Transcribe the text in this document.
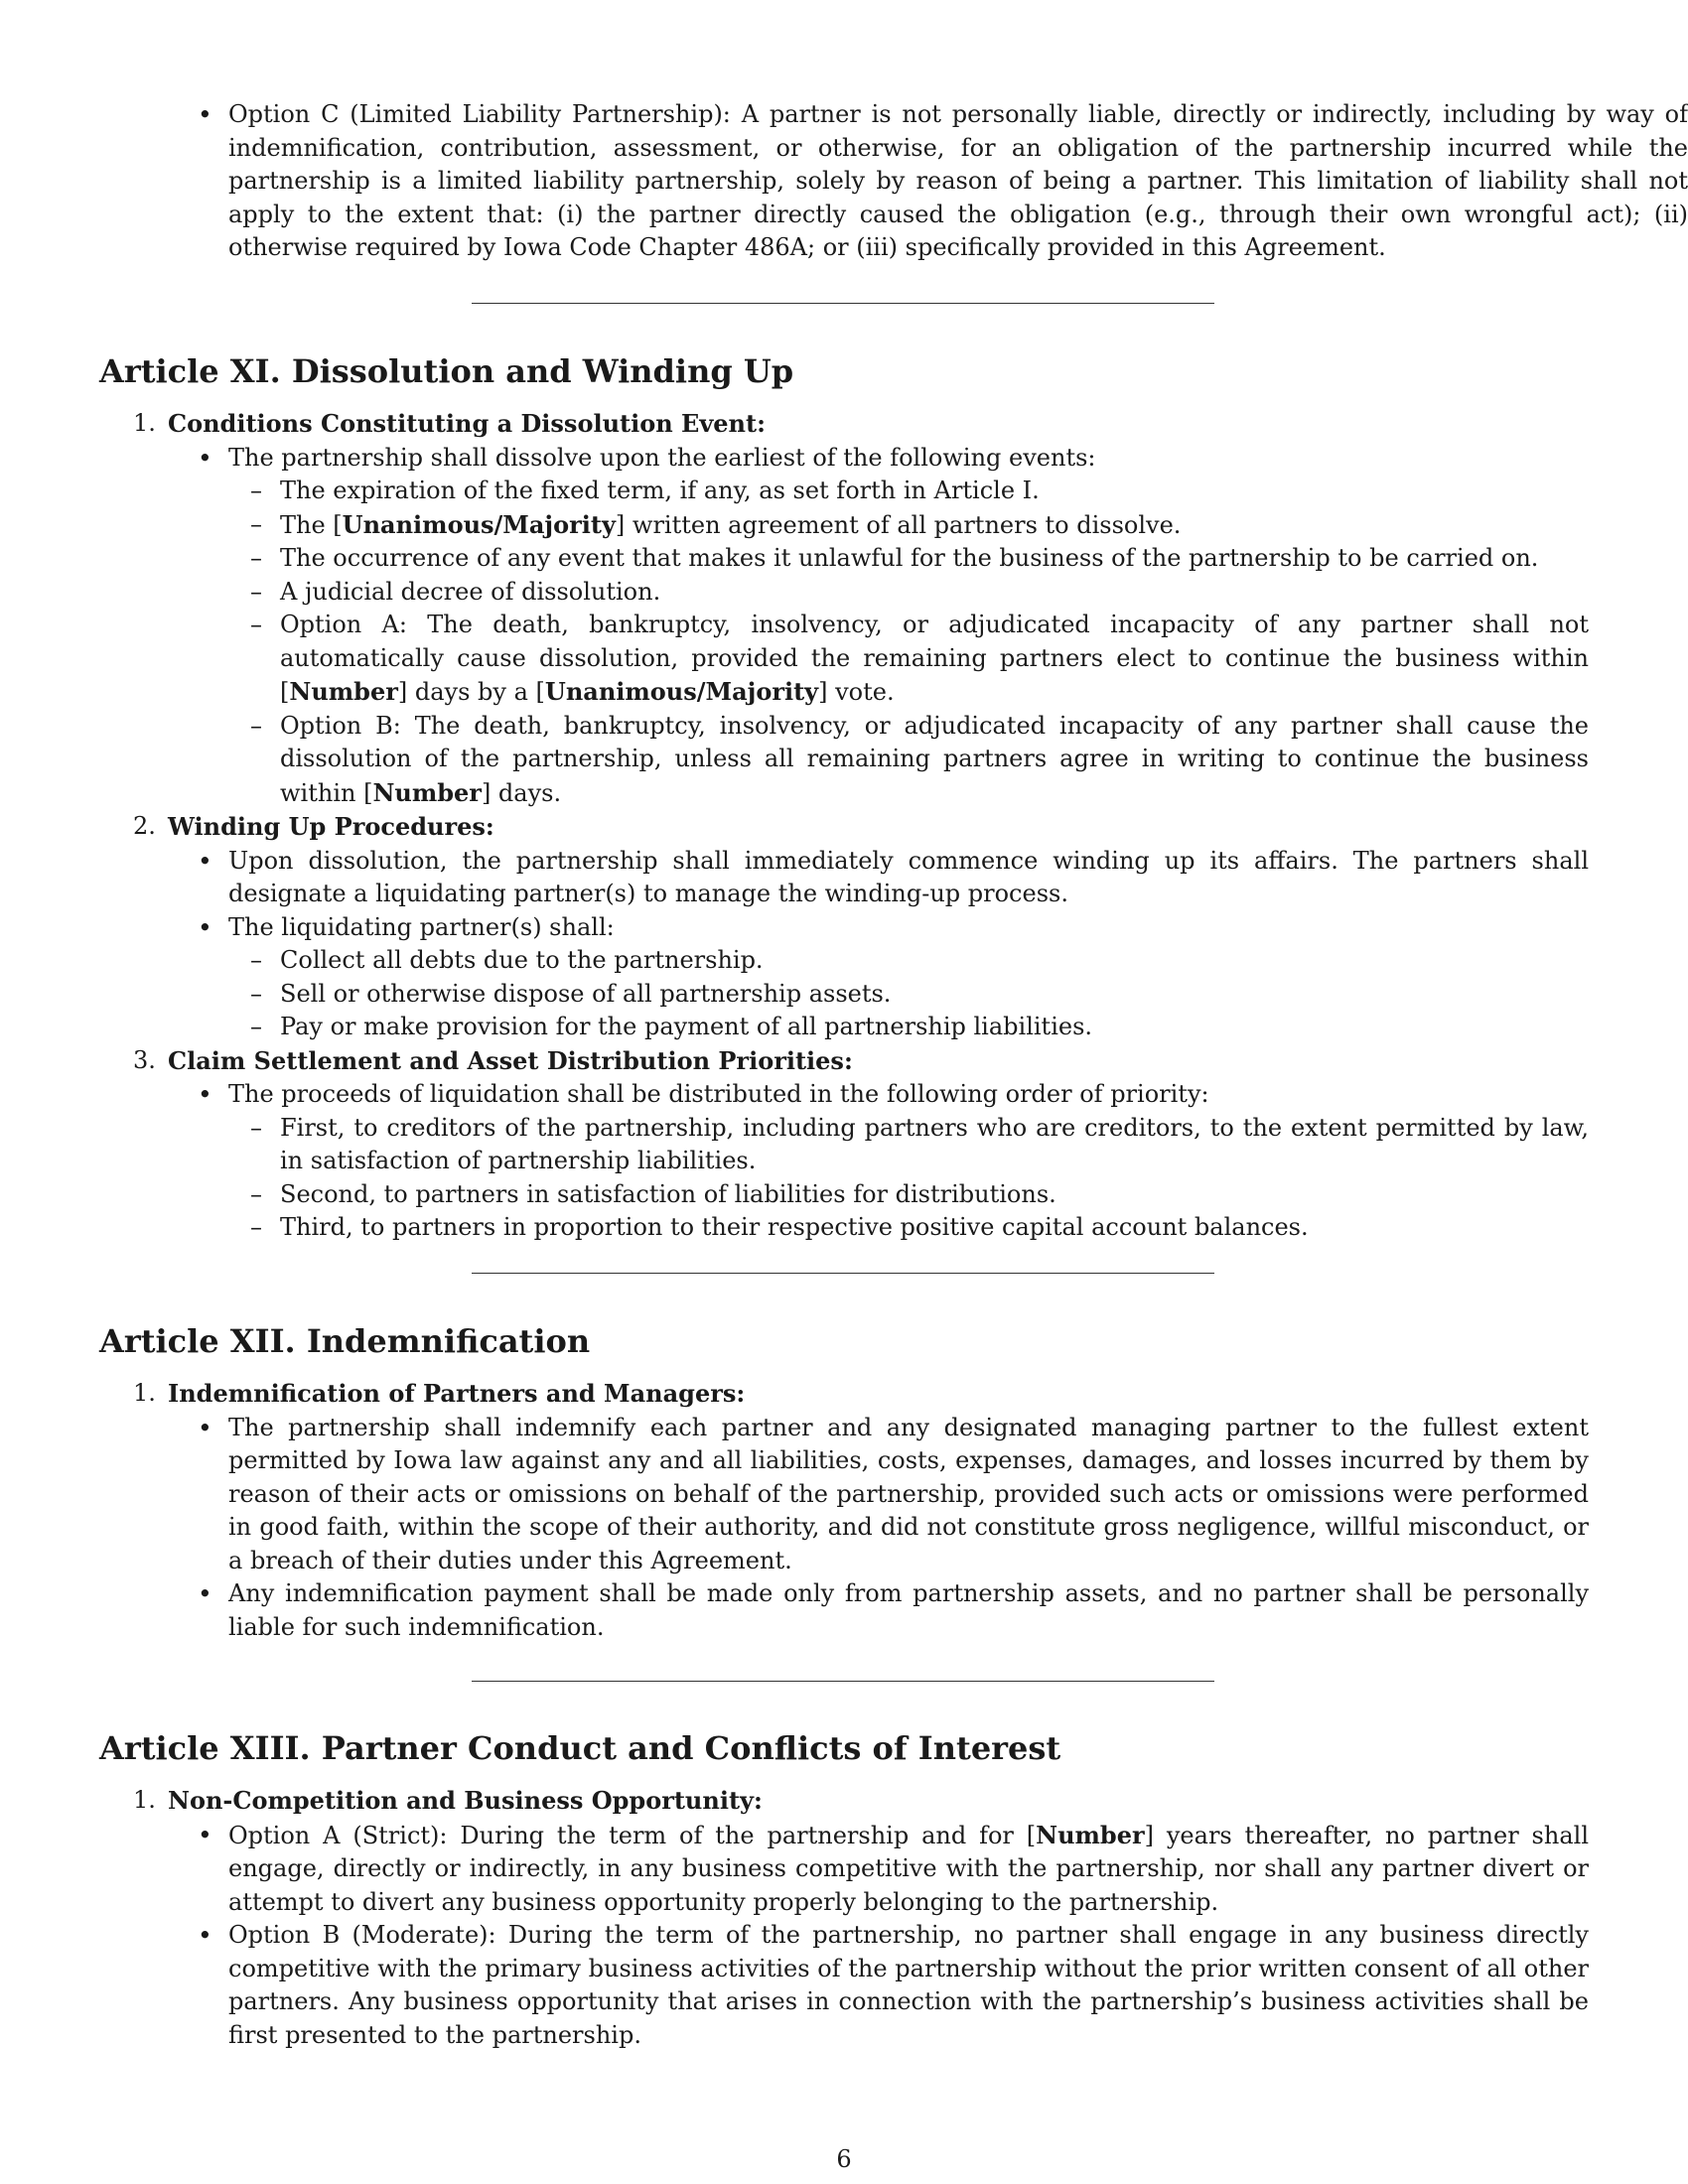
• Option C (Limited Liability Partnership): A partner is not personally liable, directly or indirectly, including by way of indemnification, contribution, assessment, or otherwise, for an obligation of the partnership incurred while the partnership is a limited liability partnership, solely by reason of being a partner. This limitation of liability shall not apply to the extent that: (i) the partner directly caused the obligation (e.g., through their own wrongful act); (ii) otherwise required by Iowa Code Chapter 486A; or (iii) specifically provided in this Agreement.

Article XI. Dissolution and Winding Up

1. Conditions Constituting a Dissolution Event:

• The partnership shall dissolve upon the earliest of the following events:

– The expiration of the fixed term, if any, as set forth in Article I.

– The [Unanimous/Majority] written agreement of all partners to dissolve.

– The occurrence of any event that makes it unlawful for the business of the partnership to be carried on.

– A judicial decree of dissolution.

– Option A: The death, bankruptcy, insolvency, or adjudicated incapacity of any partner shall not automatically cause dissolution, provided the remaining partners elect to continue the business within [Number] days by a [Unanimous/Majority] vote.

– Option B: The death, bankruptcy, insolvency, or adjudicated incapacity of any partner shall cause the dissolution of the partnership, unless all remaining partners agree in writing to continue the business within [Number] days.

2. Winding Up Procedures:

• Upon dissolution, the partnership shall immediately commence winding up its affairs. The partners shall designate a liquidating partner(s) to manage the winding-up process.

• The liquidating partner(s) shall:

– Collect all debts due to the partnership.

– Sell or otherwise dispose of all partnership assets.

– Pay or make provision for the payment of all partnership liabilities.

3. Claim Settlement and Asset Distribution Priorities:

• The proceeds of liquidation shall be distributed in the following order of priority:

– First, to creditors of the partnership, including partners who are creditors, to the extent permitted by law, in satisfaction of partnership liabilities.

– Second, to partners in satisfaction of liabilities for distributions.

– Third, to partners in proportion to their respective positive capital account balances.

Article XII. Indemnification

1. Indemnification of Partners and Managers:

• The partnership shall indemnify each partner and any designated managing partner to the fullest extent permitted by Iowa law against any and all liabilities, costs, expenses, damages, and losses incurred by them by reason of their acts or omissions on behalf of the partnership, provided such acts or omissions were performed in good faith, within the scope of their authority, and did not constitute gross negligence, willful misconduct, or a breach of their duties under this Agreement.

• Any indemnification payment shall be made only from partnership assets, and no partner shall be personally liable for such indemnification.

Article XIII. Partner Conduct and Conflicts of Interest

1. Non-Competition and Business Opportunity:

• Option A (Strict): During the term of the partnership and for [Number] years thereafter, no partner shall engage, directly or indirectly, in any business competitive with the partnership, nor shall any partner divert or attempt to divert any business opportunity properly belonging to the partnership.

• Option B (Moderate): During the term of the partnership, no partner shall engage in any business directly competitive with the primary business activities of the partnership without the prior written consent of all other partners. Any business opportunity that arises in connection with the partnership’s business activities shall be first presented to the partnership.

6
